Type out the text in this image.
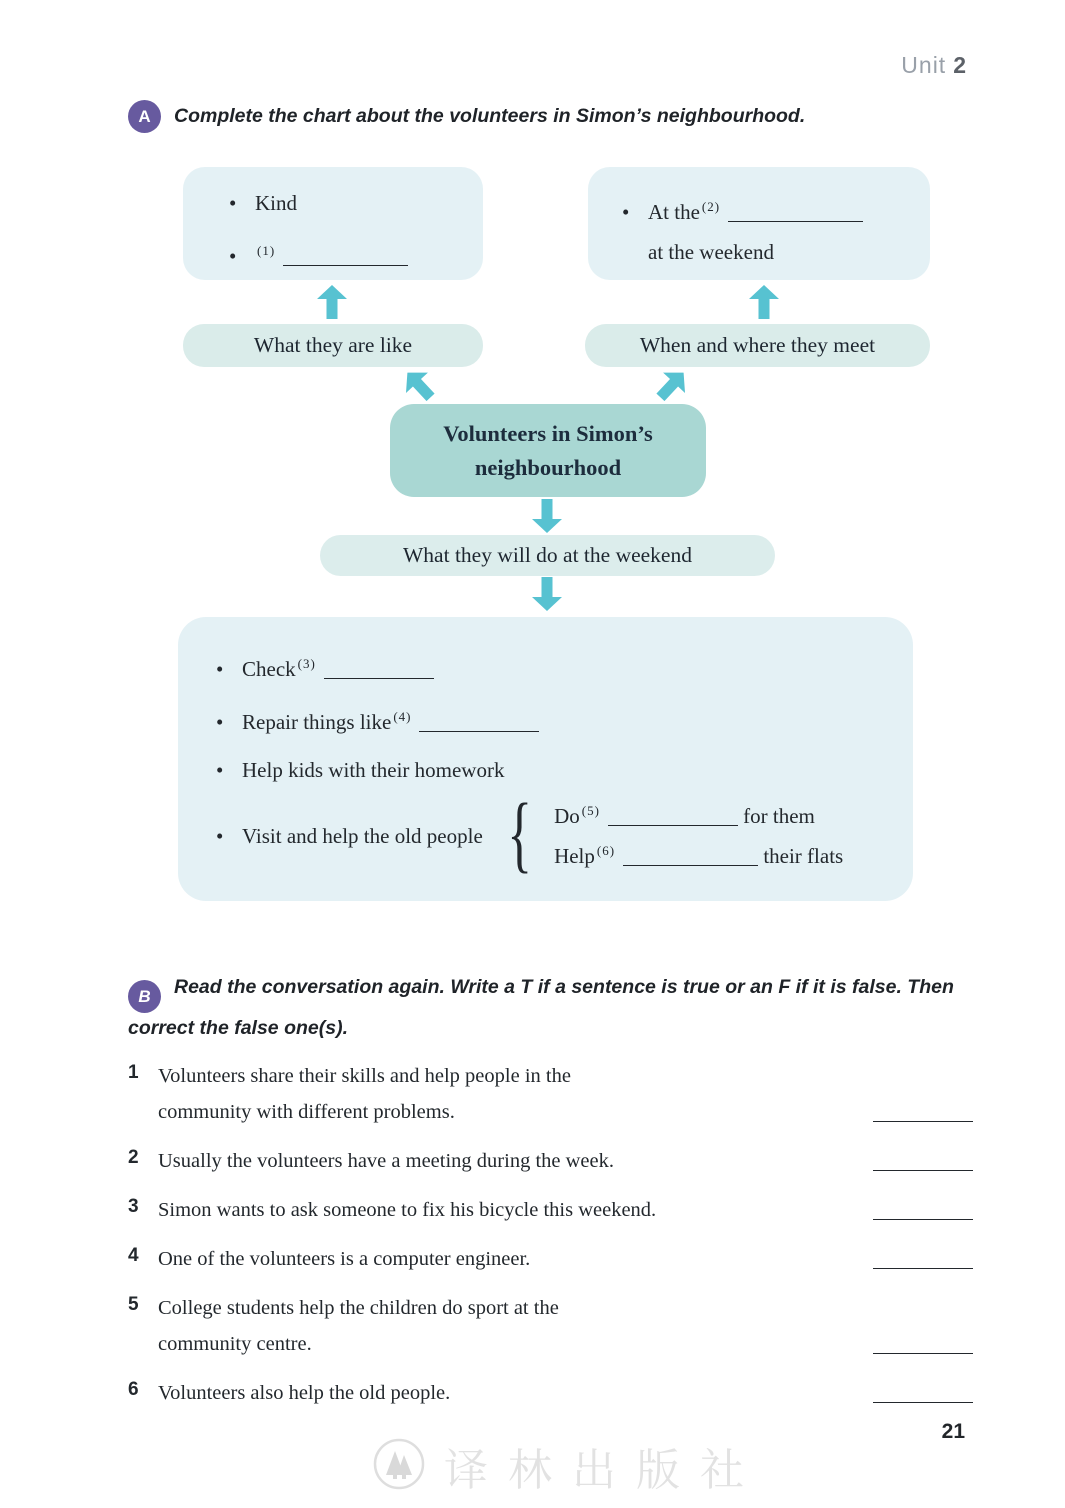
Unit 2
A	Complete the chart about the volunteers in Simon’s neighbourhood.
• Kind
•	$^{(1)}$
• At the $^{(2)}$
at the weekend
What they are like	When and where they meet
Volunteers in Simon’s
neighbourhood
What they will do at the weekend
• Check $^{(3)}$
• Repair things like $^{(4)}$
• Help kids with their homework
• Visit and help the old people { Do $^{(5)}$	for them
Help $^{(6)}$	their flats
B Read the conversation again. Write a T if a sentence is true or an F if it is false. Then
correct the false one(s).
1 Volunteers share their skills and help people in the
community with different problems.
2 Usually the volunteers have a meeting during the week.
3 Simon wants to ask someone to fix his bicycle this weekend.
4 One of the volunteers is a computer engineer.
5 College students help the children do sport at the
community centre.
6 Volunteers also help the old people.
译林出版社
21
